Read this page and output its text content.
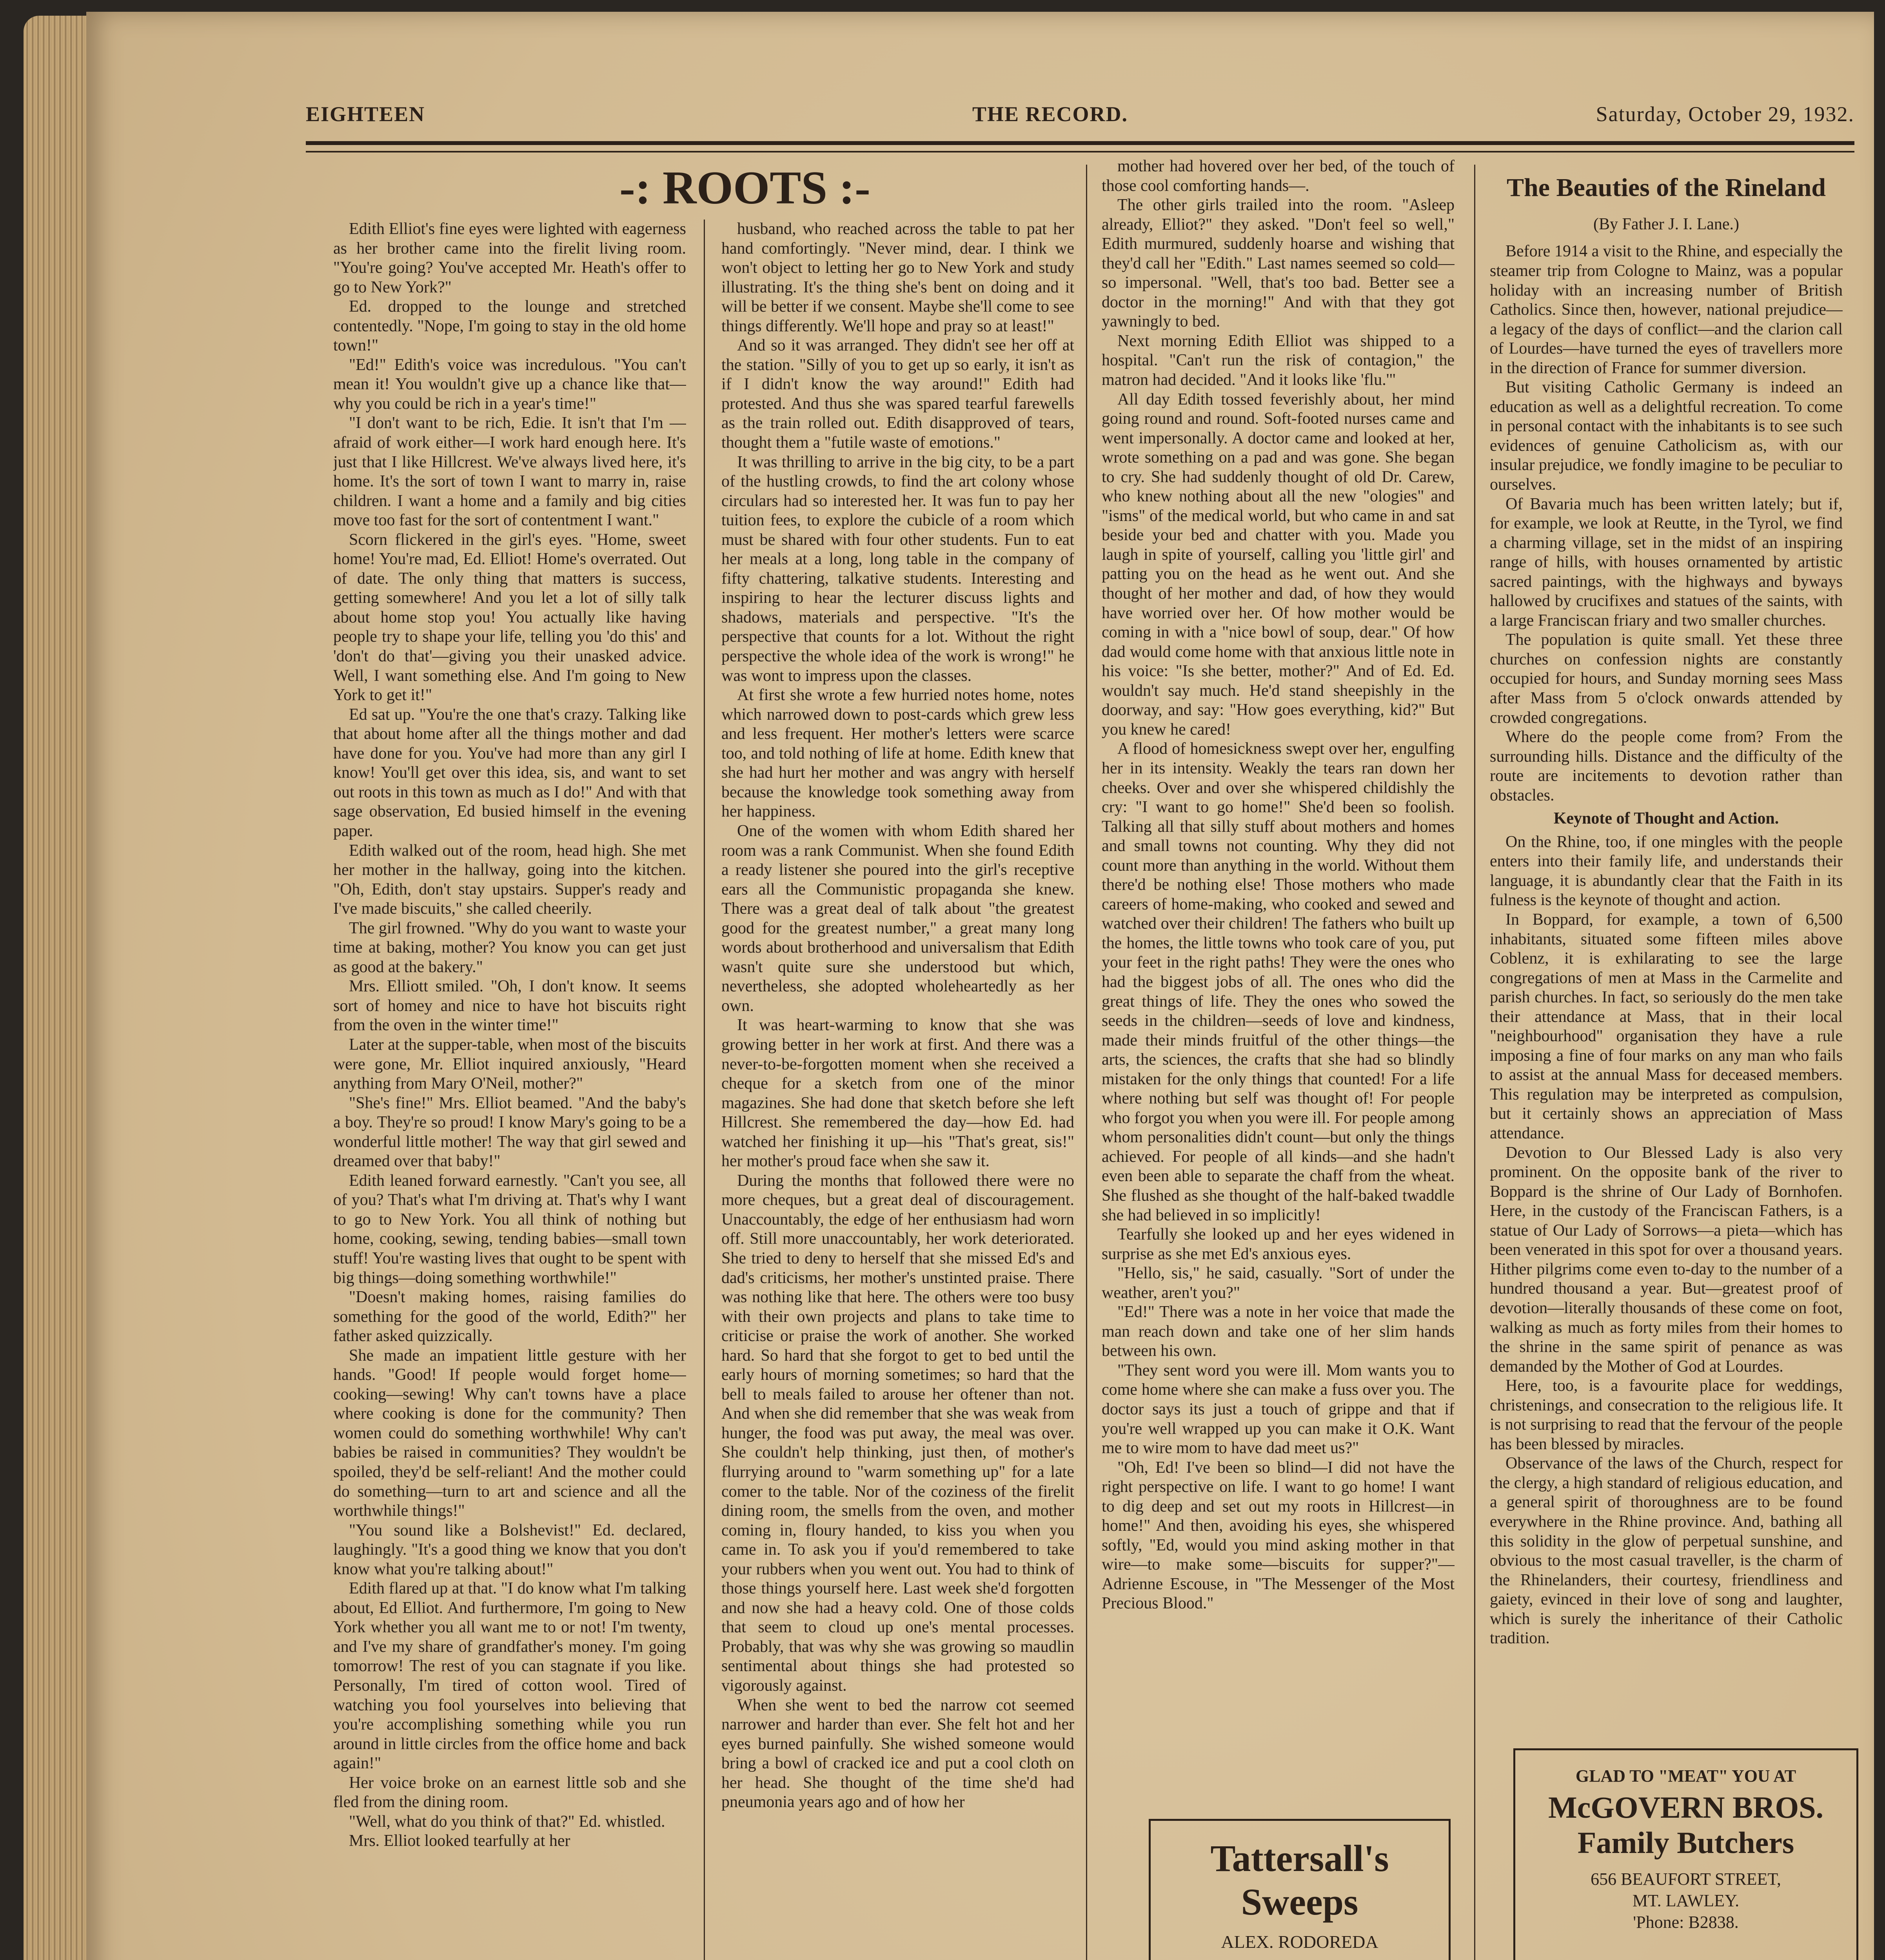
EIGHTEEN	THE RECORD.	Saturday, October 29, 1932.
-: ROOTS :-

Edith Elliot's fine eyes were lighted with eagerness as her brother came into the firelit living room. "You're going? You've accepted Mr. Heath's offer to go to New York?"

Ed. dropped to the lounge and stretched contentedly. "Nope, I'm going to stay in the old home town!"

"Ed!" Edith's voice was incredulous. "You can't mean it! You wouldn't give up a chance like that—why you could be rich in a year's time!"

"I don't want to be rich, Edie. It isn't that I'm —afraid of work either—I work hard enough here. It's just that I like Hillcrest. We've always lived here, it's home. It's the sort of town I want to marry in, raise children. I want a home and a family and big cities move too fast for the sort of contentment I want."

Scorn flickered in the girl's eyes. "Home, sweet home! You're mad, Ed. Elliot! Home's overrated. Out of date. The only thing that matters is success, getting somewhere! And you let a lot of silly talk about home stop you! You actually like having people try to shape your life, telling you 'do this' and 'don't do that'—giving you their unasked advice. Well, I want something else. And I'm going to New York to get it!"

Ed sat up. "You're the one that's crazy. Talking like that about home after all the things mother and dad have done for you. You've had more than any girl I know! You'll get over this idea, sis, and want to set out roots in this town as much as I do!" And with that sage observation, Ed busied himself in the evening paper.

Edith walked out of the room, head high. She met her mother in the hallway, going into the kitchen. "Oh, Edith, don't stay upstairs. Supper's ready and I've made biscuits," she called cheerily.

The girl frowned. "Why do you want to waste your time at baking, mother? You know you can get just as good at the bakery."

Mrs. Elliott smiled. "Oh, I don't know. It seems sort of homey and nice to have hot biscuits right from the oven in the winter time!"

Later at the supper-table, when most of the biscuits were gone, Mr. Elliot inquired anxiously, "Heard anything from Mary O'Neil, mother?"

"She's fine!" Mrs. Elliot beamed. "And the baby's a boy. They're so proud! I know Mary's going to be a wonderful little mother! The way that girl sewed and dreamed over that baby!"

Edith leaned forward earnestly. "Can't you see, all of you? That's what I'm driving at. That's why I want to go to New York. You all think of nothing but home, cooking, sewing, tending babies—small town stuff! You're wasting lives that ought to be spent with big things—doing something worthwhile!"

"Doesn't making homes, raising families do something for the good of the world, Edith?" her father asked quizzically.

She made an impatient little gesture with her hands. "Good! If people would forget home—cooking—sewing! Why can't towns have a place where cooking is done for the community? Then women could do something worthwhile! Why can't babies be raised in communities? They wouldn't be spoiled, they'd be self-reliant! And the mother could do something—turn to art and science and all the worthwhile things!"

"You sound like a Bolshevist!" Ed. declared, laughingly. "It's a good thing we know that you don't know what you're talking about!"

Edith flared up at that. "I do know what I'm talking about, Ed Elliot. And furthermore, I'm going to New York whether you all want me to or not! I'm twenty, and I've my share of grandfather's money. I'm going tomorrow! The rest of you can stagnate if you like. Personally, I'm tired of cotton wool. Tired of watching you fool yourselves into believing that you're accomplishing something while you run around in little circles from the office home and back again!"

Her voice broke on an earnest little sob and she fled from the dining room.

"Well, what do you think of that?" Ed. whistled.

Mrs. Elliot looked tearfully at her

husband, who reached across the table to pat her hand comfortingly. "Never mind, dear. I think we won't object to letting her go to New York and study illustrating. It's the thing she's bent on doing and it will be better if we consent. Maybe she'll come to see things differently. We'll hope and pray so at least!"

And so it was arranged. They didn't see her off at the station. "Silly of you to get up so early, it isn't as if I didn't know the way around!" Edith had protested. And thus she was spared tearful farewells as the train rolled out. Edith disapproved of tears, thought them a "futile waste of emotions."

It was thrilling to arrive in the big city, to be a part of the hustling crowds, to find the art colony whose circulars had so interested her. It was fun to pay her tuition fees, to explore the cubicle of a room which must be shared with four other students. Fun to eat her meals at a long, long table in the company of fifty chattering, talkative students. Interesting and inspiring to hear the lecturer discuss lights and shadows, materials and perspective. "It's the perspective that counts for a lot. Without the right perspective the whole idea of the work is wrong!" he was wont to impress upon the classes.

At first she wrote a few hurried notes home, notes which narrowed down to post-cards which grew less and less frequent. Her mother's letters were scarce too, and told nothing of life at home. Edith knew that she had hurt her mother and was angry with herself because the knowledge took something away from her happiness.

One of the women with whom Edith shared her room was a rank Communist. When she found Edith a ready listener she poured into the girl's receptive ears all the Communistic propaganda she knew. There was a great deal of talk about "the greatest good for the greatest number," a great many long words about brotherhood and universalism that Edith wasn't quite sure she understood but which, nevertheless, she adopted wholeheartedly as her own.

It was heart-warming to know that she was growing better in her work at first. And there was a never-to-be-forgotten moment when she received a cheque for a sketch from one of the minor magazines. She had done that sketch before she left Hillcrest. She remembered the day—how Ed. had watched her finishing it up—his "That's great, sis!" her mother's proud face when she saw it.

During the months that followed there were no more cheques, but a great deal of discouragement. Unaccountably, the edge of her enthusiasm had worn off. Still more unaccountably, her work deteriorated. She tried to deny to herself that she missed Ed's and dad's criticisms, her mother's unstinted praise. There was nothing like that here. The others were too busy with their own projects and plans to take time to criticise or praise the work of another. She worked hard. So hard that she forgot to get to bed until the early hours of morning sometimes; so hard that the bell to meals failed to arouse her oftener than not. And when she did remember that she was weak from hunger, the food was put away, the meal was over. She couldn't help thinking, just then, of mother's flurrying around to "warm something up" for a late comer to the table. Nor of the coziness of the firelit dining room, the smells from the oven, and mother coming in, floury handed, to kiss you when you came in. To ask you if you'd remembered to take your rubbers when you went out. You had to think of those things yourself here. Last week she'd forgotten and now she had a heavy cold. One of those colds that seem to cloud up one's mental processes. Probably, that was why she was growing so maudlin sentimental about things she had protested so vigorously against.

When she went to bed the narrow cot seemed narrower and harder than ever. She felt hot and her eyes burned painfully. She wished someone would bring a bowl of cracked ice and put a cool cloth on her head. She thought of the time she'd had pneumonia years ago and of how her

mother had hovered over her bed, of the touch of those cool comforting hands—.

The other girls trailed into the room. "Asleep already, Elliot?" they asked. "Don't feel so well," Edith murmured, suddenly hoarse and wishing that they'd call her "Edith." Last names seemed so cold—so impersonal. "Well, that's too bad. Better see a doctor in the morning!" And with that they got yawningly to bed.

Next morning Edith Elliot was shipped to a hospital. "Can't run the risk of contagion," the matron had decided. "And it looks like 'flu.'"

All day Edith tossed feverishly about, her mind going round and round. Soft-footed nurses came and went impersonally. A doctor came and looked at her, wrote something on a pad and was gone. She began to cry. She had suddenly thought of old Dr. Carew, who knew nothing about all the new "ologies" and "isms" of the medical world, but who came in and sat beside your bed and chatter with you. Made you laugh in spite of yourself, calling you 'little girl' and patting you on the head as he went out. And she thought of her mother and dad, of how they would have worried over her. Of how mother would be coming in with a "nice bowl of soup, dear." Of how dad would come home with that anxious little note in his voice: "Is she better, mother?" And of Ed. Ed. wouldn't say much. He'd stand sheepishly in the doorway, and say: "How goes everything, kid?" But you knew he cared!

A flood of homesickness swept over her, engulfing her in its intensity. Weakly the tears ran down her cheeks. Over and over she whispered childishly the cry: "I want to go home!" She'd been so foolish. Talking all that silly stuff about mothers and homes and small towns not counting. Why they did not count more than anything in the world. Without them there'd be nothing else! Those mothers who made careers of home-making, who cooked and sewed and watched over their children! The fathers who built up the homes, the little towns who took care of you, put your feet in the right paths! They were the ones who had the biggest jobs of all. The ones who did the great things of life. They the ones who sowed the seeds in the children—seeds of love and kindness, made their minds fruitful of the other things—the arts, the sciences, the crafts that she had so blindly mistaken for the only things that counted! For a life where nothing but self was thought of! For people who forgot you when you were ill. For people among whom personalities didn't count—but only the things achieved. For people of all kinds—and she hadn't even been able to separate the chaff from the wheat. She flushed as she thought of the half-baked twaddle she had believed in so implicitly!

Tearfully she looked up and her eyes widened in surprise as she met Ed's anxious eyes.

"Hello, sis," he said, casually. "Sort of under the weather, aren't you?"

"Ed!" There was a note in her voice that made the man reach down and take one of her slim hands between his own.

"They sent word you were ill. Mom wants you to come home where she can make a fuss over you. The doctor says its just a touch of grippe and that if you're well wrapped up you can make it O.K. Want me to wire mom to have dad meet us?"

"Oh, Ed! I've been so blind—I did not have the right perspective on life. I want to go home! I want to dig deep and set out my roots in Hillcrest—in home!" And then, avoiding his eyes, she whispered softly, "Ed, would you mind asking mother in that wire—to make some—biscuits for supper?"—Adrienne Escouse, in "The Messenger of the Most Precious Blood."

The Beauties of the Rineland
(By Father J. I. Lane.)

Before 1914 a visit to the Rhine, and especially the steamer trip from Cologne to Mainz, was a popular holiday with an increasing number of British Catholics. Since then, however, national prejudice—a legacy of the days of conflict—and the clarion call of Lourdes—have turned the eyes of travellers more in the direction of France for summer diversion.

But visiting Catholic Germany is indeed an education as well as a delightful recreation. To come in personal contact with the inhabitants is to see such evidences of genuine Catholicism as, with our insular prejudice, we fondly imagine to be peculiar to ourselves.

Of Bavaria much has been written lately; but if, for example, we look at Reutte, in the Tyrol, we find a charming village, set in the midst of an inspiring range of hills, with houses ornamented by artistic sacred paintings, with the highways and byways hallowed by crucifixes and statues of the saints, with a large Franciscan friary and two smaller churches.

The population is quite small. Yet these three churches on confession nights are constantly occupied for hours, and Sunday morning sees Mass after Mass from 5 o'clock onwards attended by crowded congregations.

Where do the people come from? From the surrounding hills. Distance and the difficulty of the route are incitements to devotion rather than obstacles.

Keynote of Thought and Action.

On the Rhine, too, if one mingles with the people enters into their family life, and understands their language, it is abundantly clear that the Faith in its fulness is the keynote of thought and action.

In Boppard, for example, a town of 6,500 inhabitants, situated some fifteen miles above Coblenz, it is exhilarating to see the large congregations of men at Mass in the Carmelite and parish churches. In fact, so seriously do the men take their attendance at Mass, that in their local "neighbourhood" organisation they have a rule imposing a fine of four marks on any man who fails to assist at the annual Mass for deceased members. This regulation may be interpreted as compulsion, but it certainly shows an appreciation of Mass attendance.

Devotion to Our Blessed Lady is also very prominent. On the opposite bank of the river to Boppard is the shrine of Our Lady of Bornhofen. Here, in the custody of the Franciscan Fathers, is a statue of Our Lady of Sorrows—a pieta—which has been venerated in this spot for over a thousand years. Hither pilgrims come even to-day to the number of a hundred thousand a year. But—greatest proof of devotion—literally thousands of these come on foot, walking as much as forty miles from their homes to the shrine in the same spirit of penance as was demanded by the Mother of God at Lourdes.

Here, too, is a favourite place for weddings, christenings, and consecration to the religious life. It is not surprising to read that the fervour of the people has been blessed by miracles.

Observance of the laws of the Church, respect for the clergy, a high standard of religious education, and a general spirit of thoroughness are to be found everywhere in the Rhine province. And, bathing all this solidity in the glow of perpetual sunshine, and obvious to the most casual traveller, is the charm of the Rhinelanders, their courtesy, friendliness and gaiety, evinced in their love of song and laughter, which is surely the inheritance of their Catholic tradition.

Tattersall's Sweeps
ALEX. RODOREDA
GLAD TO "MEAT" YOU AT
McGOVERN BROS.
Family Butchers
656 BEAUFORT STREET,
MT. LAWLEY.
'Phone: B2838.
